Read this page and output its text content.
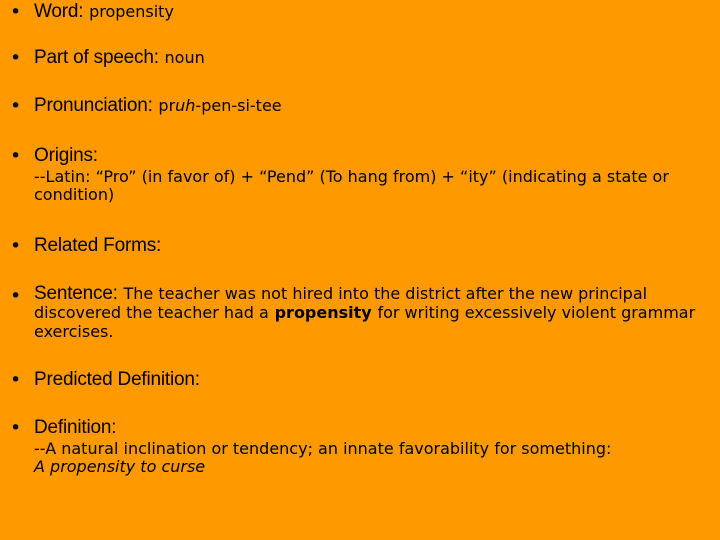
• Word: propensity
• Part of speech: noun
• Pronunciation: pruh-pen-si-tee
• Origins:
--Latin: “Pro” (in favor of) + “Pend” (To hang from) + “ity” (indicating a state or condition)
• Related Forms:
• Sentence: The teacher was not hired into the district after the new principal discovered the teacher had a propensity for writing excessively violent grammar exercises.
• Predicted Definition:
• Definition:
--A natural inclination or tendency; an innate favorability for something: A propensity to curse
